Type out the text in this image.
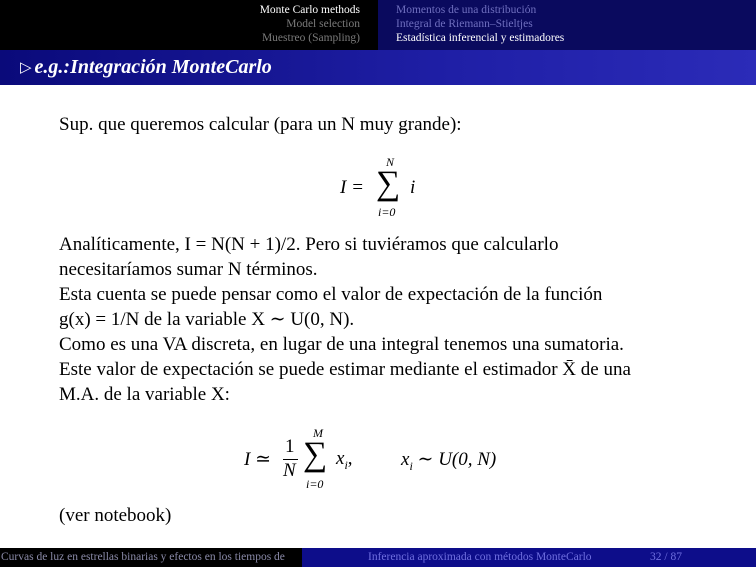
Monte Carlo methods
Model selection
Muestreo (Sampling)
Momentos de una distribución
Integral de Riemann–Stieltjes
Estadística inferencial y estimadores
▷ e.g.:Integración MonteCarlo
Sup. que queremos calcular (para un N muy grande):
I =
N
∑
i=0
i
Analíticamente, I = N(N + 1)/2. Pero si tuviéramos que calcularlo
necesitaríamos sumar N términos.
Esta cuenta se puede pensar como el valor de expectación de la función
g(x) = 1/N de la variable X ∼ U(0, N).
Como es una VA discreta, en lugar de una integral tenemos una sumatoria.
Este valor de expectación se puede estimar mediante el estimador X̄ de una
M.A. de la variable X:
I ≃
1
N
M
∑
i=0
$x_i$,	$x_i$ ∼ U(0, N)
(ver notebook)
Curvas de luz en estrellas binarias y efectos en los tiempos de	Inferencia aproximada con métodos MonteCarlo	32 / 87
